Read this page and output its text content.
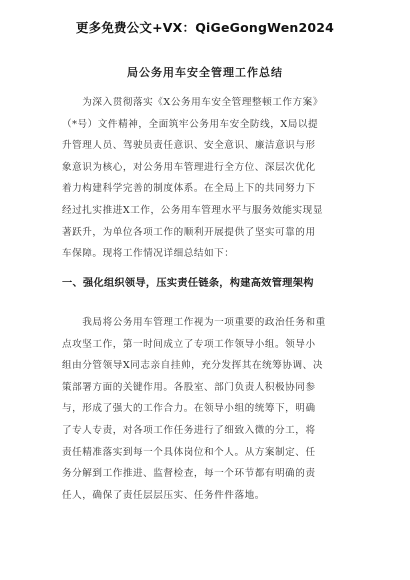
更多免费公文+VX：QiGeGongWen2024
局公务用车安全管理工作总结
　　为深入贯彻落实《X公务用车安全管理整顿工作方案》
（*号）文件精神，全面筑牢公务用车安全防线，X局以提
升管理人员、驾驶员责任意识、安全意识、廉洁意识与形
象意识为核心，对公务用车管理进行全方位、深层次优化
着力构建科学完善的制度体系。在全局上下的共同努力下
经过扎实推进X工作，公务用车管理水平与服务效能实现显
著跃升，为单位各项工作的顺利开展提供了坚实可靠的用
车保障。现将工作情况详细总结如下：
一、强化组织领导，压实责任链条，构建高效管理架构
　　我局将公务用车管理工作视为一项重要的政治任务和重
点攻坚工作，第一时间成立了专项工作领导小组。领导小
组由分管领导X同志亲自挂帅，充分发挥其在统筹协调、决
策部署方面的关键作用。各股室、部门负责人积极协同参
与，形成了强大的工作合力。在领导小组的统筹下，明确
了专人专责，对各项工作任务进行了细致入微的分工，将
责任精准落实到每一个具体岗位和个人。从方案制定、任
务分解到工作推进、监督检查，每一个环节都有明确的责
任人，确保了责任层层压实、任务件件落地。
